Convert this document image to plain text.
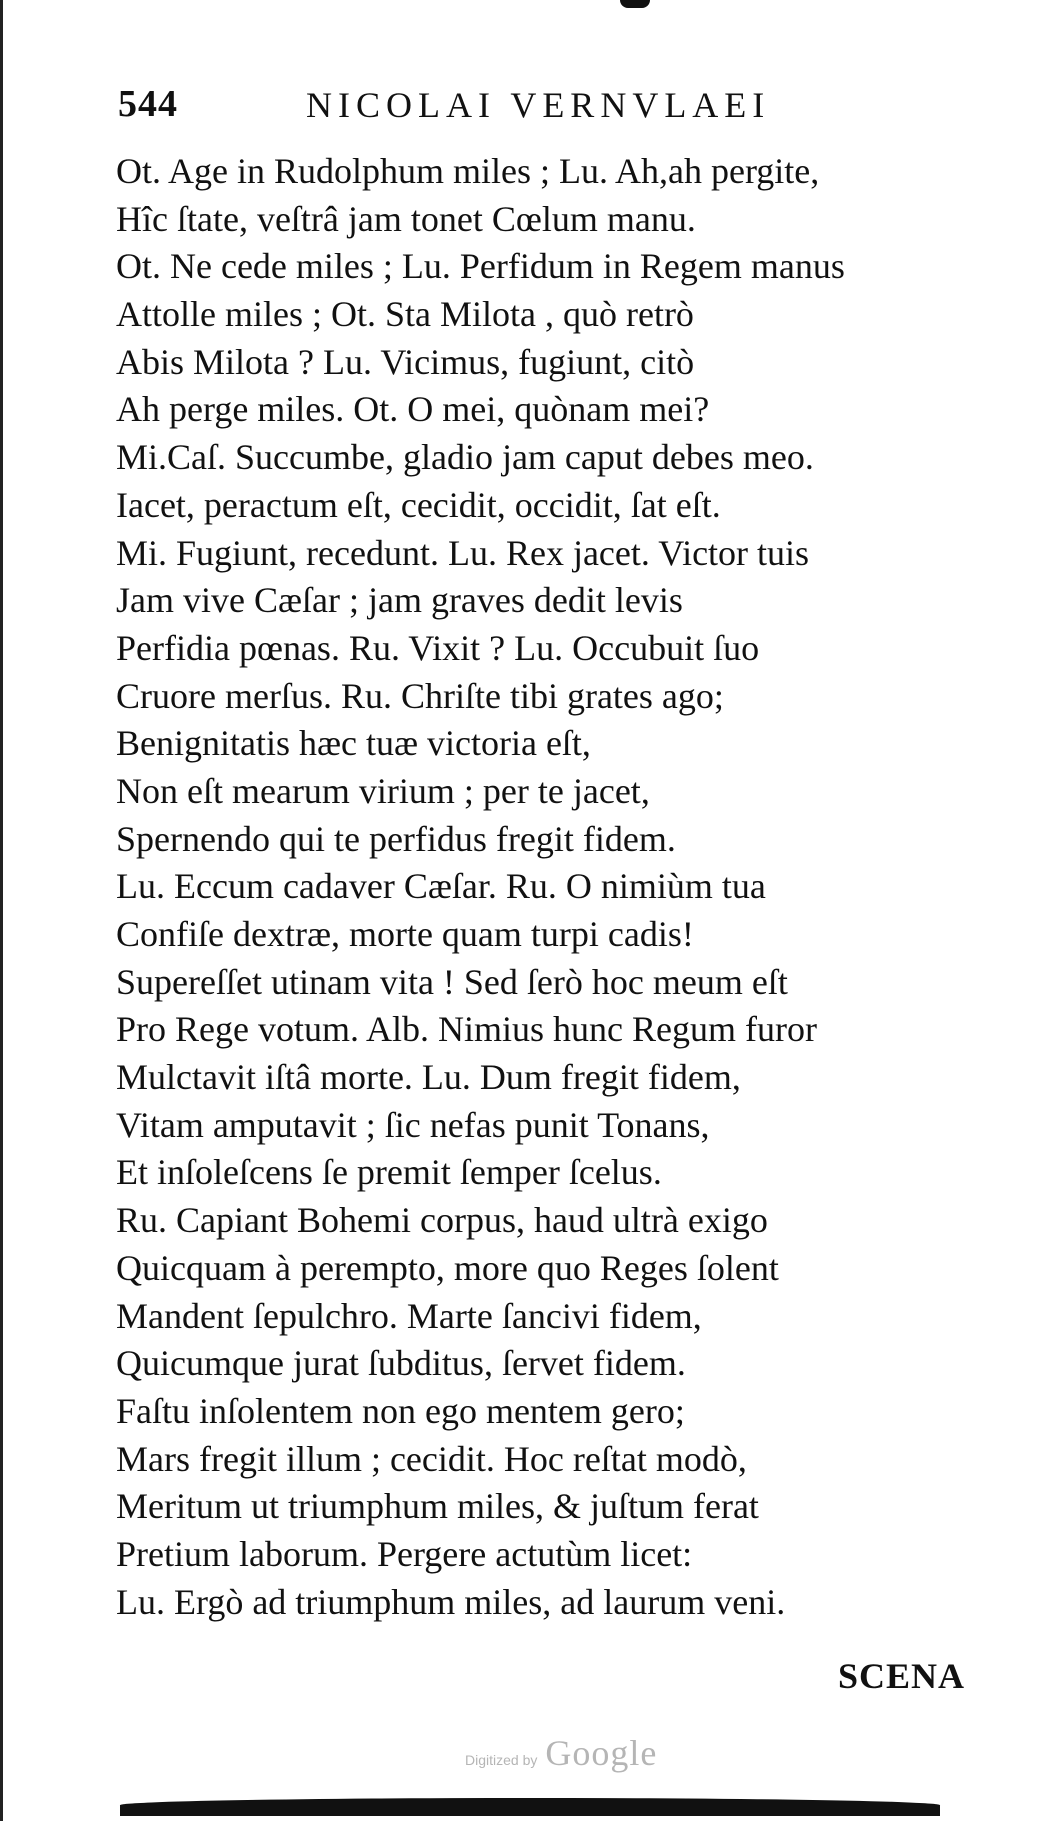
544	NICOLAI VERNVLAEI
Ot. Age in Rudolphum miles ; Lu. Ah,ah pergite,
Hîc ſtate, veſtrâ jam tonet Cœlum manu.
Ot. Ne cede miles ; Lu. Perfidum in Regem manus
Attolle miles ; Ot. Sta Milota , quò retrò
Abis Milota ? Lu. Vicimus, fugiunt, citò
Ah perge miles. Ot. O mei, quònam mei?
Mi.Caſ. Succumbe, gladio jam caput debes meo.
Iacet, peractum eſt, cecidit, occidit, ſat eſt.
Mi. Fugiunt, recedunt. Lu. Rex jacet. Victor tuis
Jam vive Cæſar ; jam graves dedit levis
Perfidia pœnas. Ru. Vixit ? Lu. Occubuit ſuo
Cruore merſus. Ru. Chriſte tibi grates ago;
Benignitatis hæc tuæ victoria eſt,
Non eſt mearum virium ; per te jacet,
Spernendo qui te perfidus fregit fidem.
Lu. Eccum cadaver Cæſar. Ru. O nimiùm tua
Confiſe dextræ, morte quam turpi cadis!
Supereſſet utinam vita ! Sed ſerò hoc meum eſt
Pro Rege votum. Alb. Nimius hunc Regum furor
Mulctavit iſtâ morte. Lu. Dum fregit fidem,
Vitam amputavit ; ſic nefas punit Tonans,
Et inſoleſcens ſe premit ſemper ſcelus.
Ru. Capiant Bohemi corpus, haud ultrà exigo
Quicquam à perempto, more quo Reges ſolent
Mandent ſepulchro. Marte ſancivi fidem,
Quicumque jurat ſubditus, ſervet fidem.
Faſtu inſolentem non ego mentem gero;
Mars fregit illum ; cecidit. Hoc reſtat modò,
Meritum ut triumphum miles, & juſtum ferat
Pretium laborum. Pergere actutùm licet:
Lu. Ergò ad triumphum miles, ad laurum veni.
SCENA
Digitized by Google
